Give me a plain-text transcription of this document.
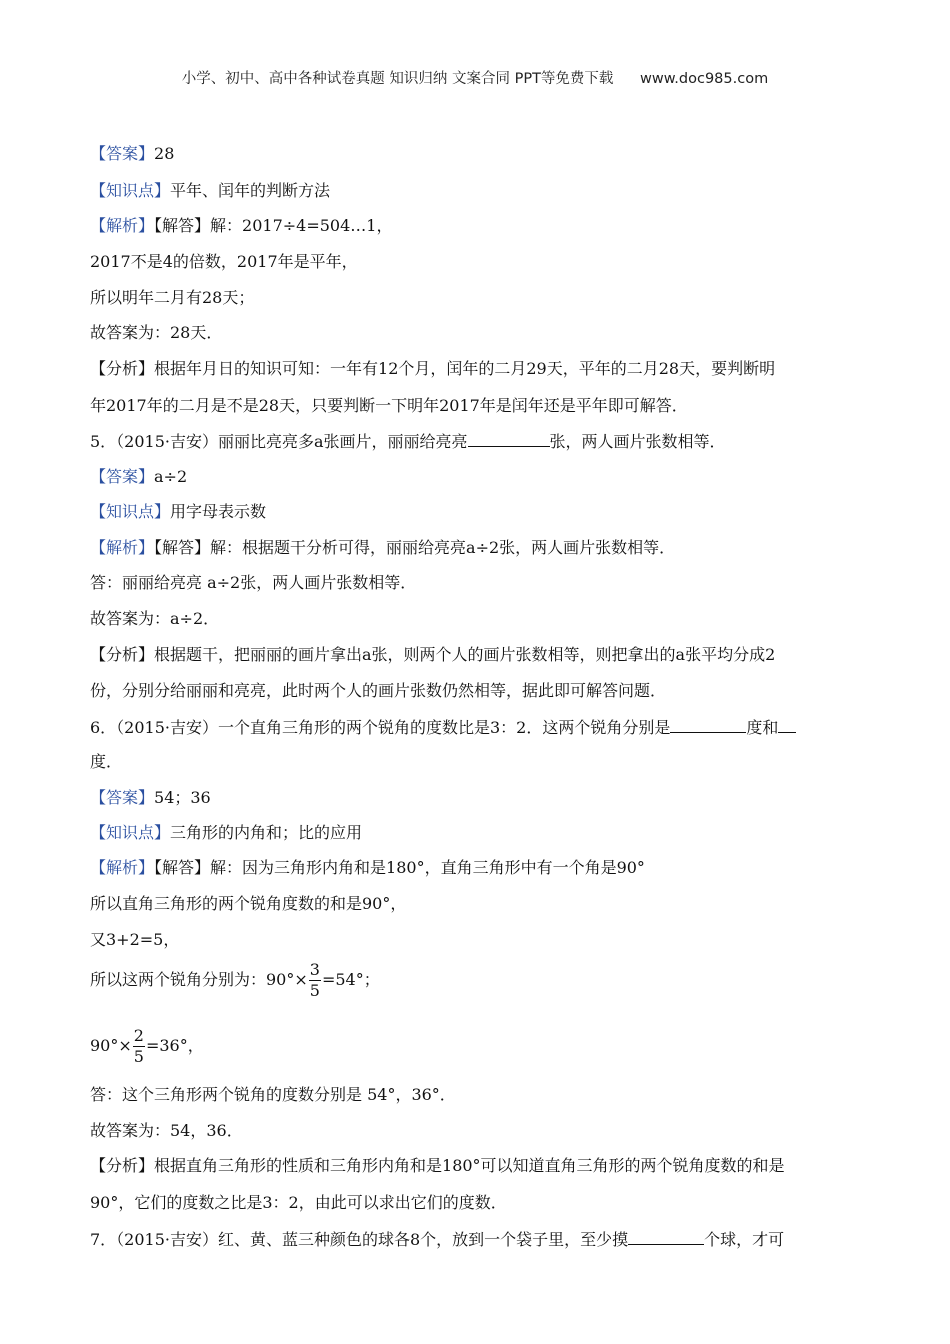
小学、初中、高中各种试卷真题 知识归纳 文案合同 PPT等免费下载 www.doc985.com
【答案】28
【知识点】平年、闰年的判断方法
【解析】【解答】解：2017÷4=504…1，
2017不是4的倍数，2017年是平年，
所以明年二月有28天；
故答案为：28天．
【分析】根据年月日的知识可知：一年有12个月，闰年的二月29天，平年的二月28天，要判断明
年2017年的二月是不是28天，只要判断一下明年2017年是闰年还是平年即可解答．
5．（2015·吉安）丽丽比亮亮多a张画片，丽丽给亮亮	张，两人画片张数相等．
【答案】a÷2
【知识点】用字母表示数
【解析】【解答】解：根据题干分析可得，丽丽给亮亮a÷2张，两人画片张数相等．
答：丽丽给亮亮 a÷2张，两人画片张数相等．
故答案为：a÷2．
【分析】根据题干，把丽丽的画片拿出a张，则两个人的画片张数相等，则把拿出的a张平均分成2
份，分别分给丽丽和亮亮，此时两个人的画片张数仍然相等，据此即可解答问题．
6．（2015·吉安）一个直角三角形的两个锐角的度数比是3：2．这两个锐角分别是	度和
度．
【答案】54；36
【知识点】三角形的内角和；比的应用
【解析】【解答】解：因为三角形内角和是180°，直角三角形中有一个角是90°
所以直角三角形的两个锐角度数的和是90°，
又3+2=5，
所以这两个锐角分别为：$90^\circ\times \frac{3}{5} =54^\circ$；
$90^\circ\times \frac{2}{5} =36^\circ$，
答：这个三角形两个锐角的度数分别是 54°，36°．
故答案为：54，36．
【分析】根据直角三角形的性质和三角形内角和是180°可以知道直角三角形的两个锐角度数的和是
90°，它们的度数之比是3：2，由此可以求出它们的度数．
7．（2015·吉安）红、黄、蓝三种颜色的球各8个，放到一个袋子里，至少摸	个球，才可
